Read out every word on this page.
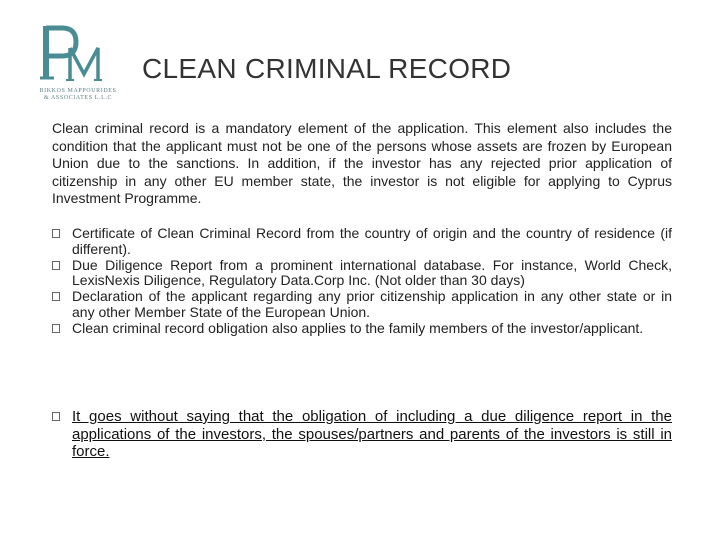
BIKKOS MAPPOURIDES
& ASSOCIATES L.L.C
CLEAN CRIMINAL RECORD

Clean criminal record is a mandatory element of the application. This element also includes the condition that the applicant must not be one of the persons whose assets are frozen by European Union due to the sanctions. In addition, if the investor has any rejected prior application of citizenship in any other EU member state, the investor is not eligible for applying to Cyprus Investment Programme.

Certificate of Clean Criminal Record from the country of origin and the country of residence (if different).
Due Diligence Report from a prominent international database. For instance, World Check, LexisNexis Diligence, Regulatory Data.Corp Inc. (Not older than 30 days)
Declaration of the applicant regarding any prior citizenship application in any other state or in any other Member State of the European Union.
Clean criminal record obligation also applies to the family members of the investor/applicant.
It goes without saying that the obligation of including a due diligence report in the applications of the investors, the spouses/partners and parents of the investors is still in force.
